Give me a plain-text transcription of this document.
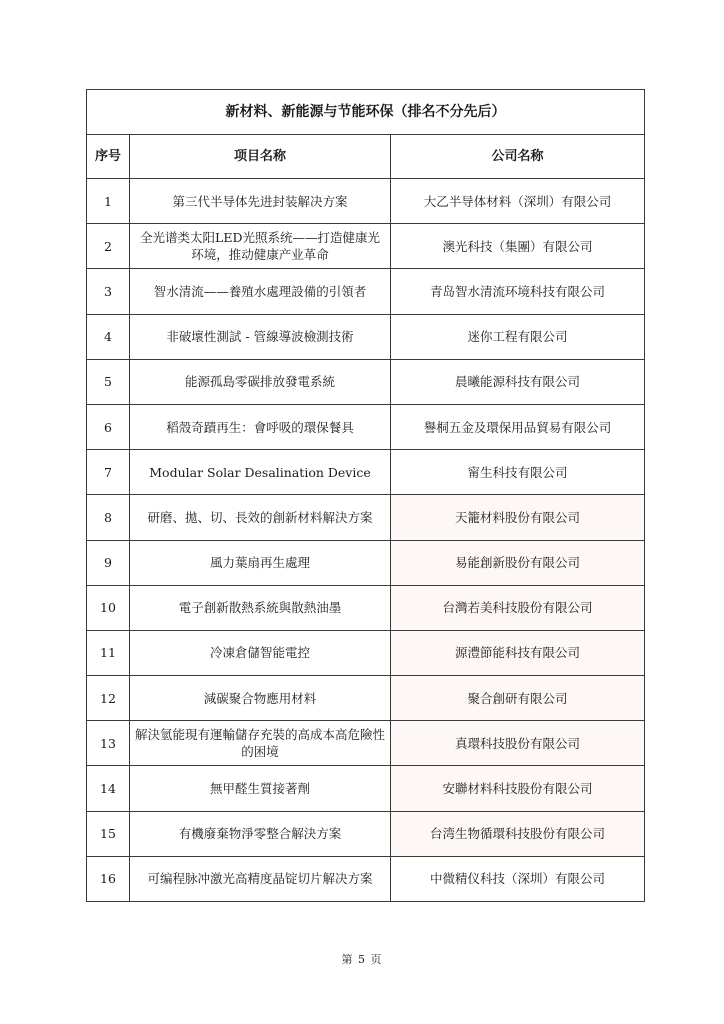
新材料、新能源与节能环保（排名不分先后）		
序号	项目名称	公司名称
1	第三代半导体先进封装解决方案	大乙半导体材料（深圳）有限公司
2	全光谱类太阳LED光照系统——打造健康光环境，推动健康产业革命	澳光科技（集團）有限公司
3	智水清流——養殖水處理設備的引領者	青岛智水清流环境科技有限公司
4	非破壞性測試 - 管線導波檢測技術	迷你工程有限公司
5	能源孤島零碳排放發電系統	晨曦能源科技有限公司
6	稻殼奇蹟再生：會呼吸的環保餐具	譽桐五金及環保用品貿易有限公司
7	Modular Solar Desalination Device	甯生科技有限公司
8	研磨、拋、切、長效的創新材料解決方案	天籠材料股份有限公司
9	風力葉扇再生處理	易能創新股份有限公司
10	電子創新散熱系統與散熱油墨	台灣若美科技股份有限公司
11	冷凍倉儲智能電控	源澧節能科技有限公司
12	減碳聚合物應用材料	聚合創研有限公司
13	解決氫能現有運輸儲存充裝的高成本高危險性的困境	真環科技股份有限公司
14	無甲醛生質接著劑	安聯材料科技股份有限公司
15	有機廢棄物淨零整合解決方案	台湾生物循環科技股份有限公司
16	可编程脉冲激光高精度晶锭切片解决方案	中微精仪科技（深圳）有限公司
第 5 页
